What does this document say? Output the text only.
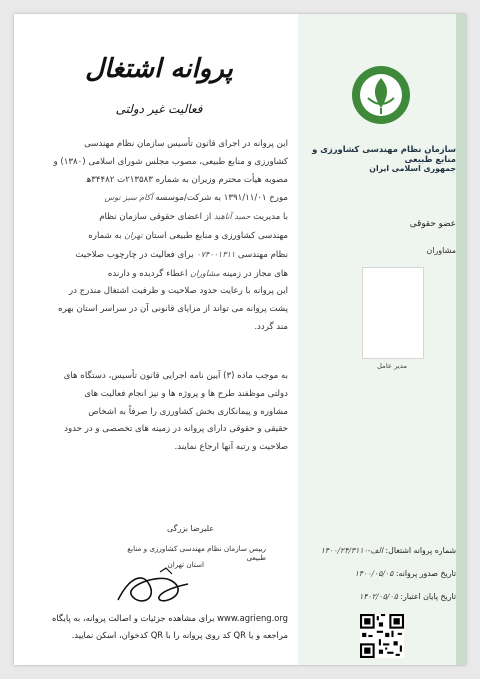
پروانه اشتغال
فعالیت غیر دولتی
این پروانه در اجرای قانون تأسیس سازمان نظام مهندسی
کشاورزی و منابع طبیعی، مصوب مجلس شورای اسلامی (۱۳۸۰) و
مصوبه هیأت محترم وزیران به شماره ۲۱۳۵۸۳ت ۳۴۴۸۲ه‍
مورخ ۱۳۹۱/۱۱/۰۱ به شرکت/موسسه آکام سبز توس
با مدیریت حمید آناهید از اعضای حقوقی سازمان نظام
مهندسی کشاورزی و منابع طبیعی استان تهران به شماره
نظام مهندسی ۰۷۴۰۰۱۳۱۱ برای فعالیت در چارچوب صلاحیت
های مجاز در زمینه مشاوران اعطاء گردیده و دارنده
این پروانه با رعایت حدود صلاحیت و ظرفیت اشتغال مندرج در
پشت پروانه می تواند از مزایای قانونی آن در سراسر استان بهره
مند گردد.
به موجب ماده (۳) آیین نامه اجرایی قانون تأسیس، دستگاه های
دولتی موظفند طرح ها و پروژه ها و نیز انجام فعالیت های
مشاوره و پیمانکاری بخش کشاورزی را صرفاً به اشخاص
حقیقی و حقوقی دارای پروانه در زمینه های تخصصی و در حدود
صلاحیت و رتبه آنها ارجاع نمایند.
علیرضا بزرگی
رییس سازمان نظام مهندسی کشاورزی و منابع طبیعی
استان تهران
www.agrieng.org برای مشاهده جزئیات و اصالت پروانه، به پایگاه
مراجعه و یا QR کد روی پروانه را با QR کدخوان، اسکن نمایید.
سازمان نظام مهندسی کشاورزی و منابع طبیعی
جمهوری اسلامی ایران
عضو حقوقی
مشاوران
مدیر عامل
شماره پروانه اشتغال: الف-۱۴۰۰/۲۴/۳۱۱۰
تاریخ صدور پروانه: ۱۴۰۰/۰۵/۰۵
تاریخ پایان اعتبار: ۱۴۰۲/۰۵/۰۵
